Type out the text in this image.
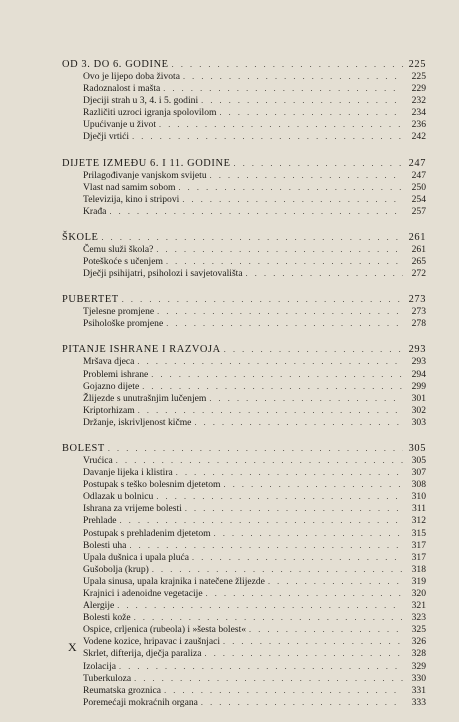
OD 3. DO 6. GODINE . . .	225
Ovo je lijepo doba života . . .	225
Radoznalost i mašta . . .	229
Djeciji strah u 3, 4. i 5. godini . . .	232
Različiti uzroci igranja spolovilom . . .	234
Upućivanje u život . . .	236
Dječji vrtići . . .	242
DIJETE IZMEĐU 6. I 11. GODINE . . .	247
Prilagođivanje vanjskom svijetu . . .	247
Vlast nad samim sobom . . .	250
Televizija, kino i stripovi . . .	254
Krađa . . .	257
ŠKOLE . . .	261
Čemu služi škola? . . .	261
Poteškoće s učenjem . . .	265
Dječji psihijatri, psiholozi i savjetovališta . . .	272
PUBERTET . . .	273
Tjelesne promjene . . .	273
Psihološke promjene . . .	278
PITANJE ISHRANE I RAZVOJA . . .	293
Mršava djeca . . .	293
Problemi ishrane . . .	294
Gojazno dijete . . .	299
Žlijezde s unutrašnjim lučenjem . . .	301
Kriptorhizam . . .	302
Držanje, iskrivljenost kičme . . .	303
BOLEST . . .	305
Vrućica . . .	305
Davanje lijeka i klistira . . .	307
Postupak s teško bolesnim djetetom . . .	308
Odlazak u bolnicu . . .	310
Ishrana za vrijeme bolesti . . .	311
Prehlade . . .	312
Postupak s prehladenim djetetom . . .	315
Bolesti uha . . .	317
Upala dušnica i upala pluća . . .	317
Gušobolja (krup) . . .	318
Upala sinusa, upala krajnika i natečene žlijezde . . .	319
Krajnici i adenoidne vegetacije . . .	320
Alergije . . .	321
Bolesti kože . . .	323
Ospice, crljenica (rubeola) i »šesta bolest« . . .	325
Vodene kozice, hripavac i zaušnjaci . . .	326
Skrlet, difterija, dječja paraliza . . .	328
Izolacija . . .	329
Tuberkuloza . . .	330
Reumatska groznica . . .	331
Poremećaji mokraćnih organa . . .	333
X
